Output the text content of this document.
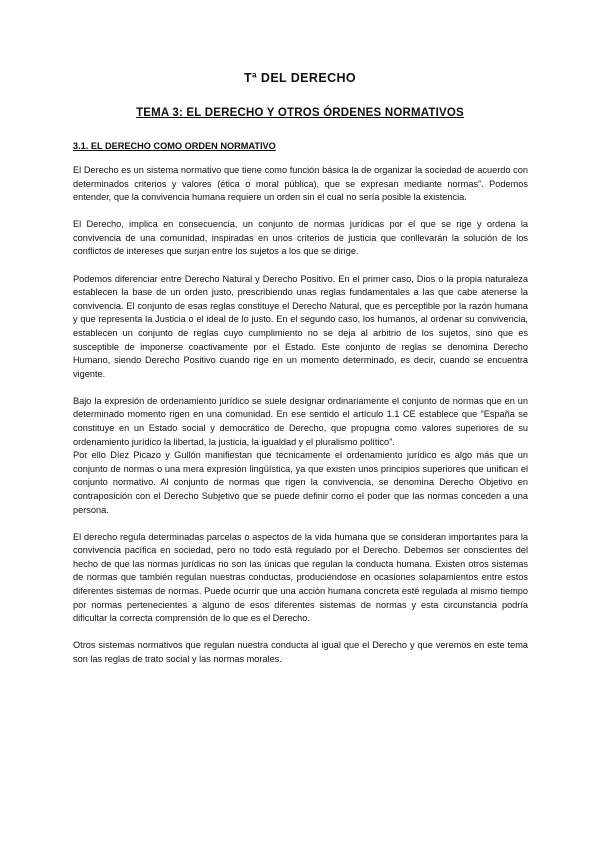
Tª DEL DERECHO
TEMA 3: EL DERECHO Y OTROS ÓRDENES NORMATIVOS
3.1. EL DERECHO COMO ORDEN NORMATIVO

El Derecho es un sistema normativo que tiene como función básica la de organizar la sociedad de acuerdo con determinados criterios y valores (ética o moral pública), que se expresan mediante normas”. Podemos entender, que la convivencia humana requiere un orden sin el cual no sería posible la existencia.

El Derecho, implica en consecuencia, un conjunto de normas jurídicas por el que se rige y ordena la convivencia de una comunidad, inspiradas en unos criterios de justicia que conllevarán la solución de los conflictos de intereses que surjan entre los sujetos a los que se dirige.

Podemos diferenciar entre Derecho Natural y Derecho Positivo. En el primer caso, Dios o la propia naturaleza establecen la base de un orden justo, prescribiendo unas reglas fundamentales a las que cabe atenerse la convivencia. El conjunto de esas reglas constituye el Derecho Natural, que es perceptible por la razón humana y que representa la Justicia o el ideal de lo justo. En el segundo caso, los humanos, al ordenar su convivencia, establecen un conjunto de reglas cuyo cumplimiento no se deja al arbitrio de los sujetos, sino que es susceptible de imponerse coactivamente por el Estado. Este conjunto de reglas se denomina Derecho Humano, siendo Derecho Positivo cuando rige en un momento determinado, es decir, cuando se encuentra vigente.

Bajo la expresión de ordenamiento jurídico se suele designar ordinariamente el conjunto de normas que en un determinado momento rigen en una comunidad. En ese sentido el artículo 1.1 CE establece que “España se constituye en un Estado social y democrático de Derecho, que propugna como valores superiores de su ordenamiento jurídico la libertad, la justicia, la igualdad y el pluralismo político”.

Por ello Díez Picazo y Gullón manifiestan que técnicamente el ordenamiento jurídico es algo más que un conjunto de normas o una mera expresión lingüística, ya que existen unos principios superiores que unifican el conjunto normativo. Al conjunto de normas que rigen la convivencia, se denomina Derecho Objetivo en contraposición con el Derecho Subjetivo que se puede definir como el poder que las normas conceden a una persona.

El derecho regula determinadas parcelas o aspectos de la vida humana que se consideran importantes para la convivencia pacífica en sociedad, pero no todo está regulado por el Derecho. Debemos ser conscientes del hecho de que las normas jurídicas no son las únicas que regulan la conducta humana. Existen otros sistemas de normas que también regulan nuestras conductas, produciéndose en ocasiones solapamientos entre estos diferentes sistemas de normas. Puede ocurrir que una acción humana concreta esté regulada al mismo tiempo por normas pertenecientes a alguno de esos diferentes sistemas de normas y esta circunstancia podría dificultar la correcta comprensión de lo que es el Derecho.

Otros sistemas normativos que regulan nuestra conducta al igual que el Derecho y que veremos en este tema son las reglas de trato social y las normas morales.
